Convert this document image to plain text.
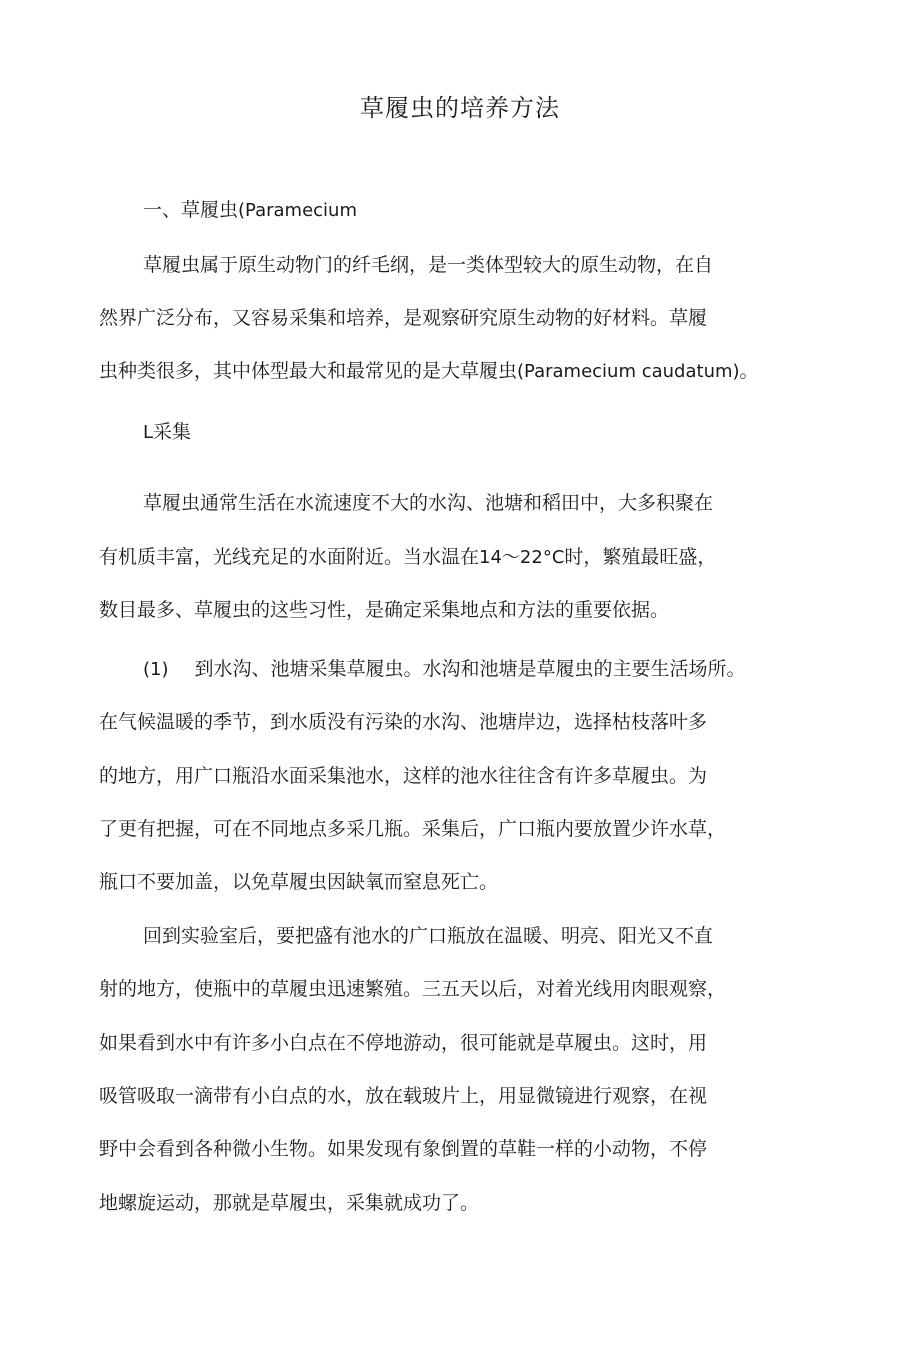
草履虫的培养方法
一、草履虫(Paramecium
草履虫属于原生动物门的纤毛纲，是一类体型较大的原生动物，在自
然界广泛分布，又容易采集和培养，是观察研究原生动物的好材料。草履
虫种类很多，其中体型最大和最常见的是大草履虫(Paramecium caudatum)。
L采集
草履虫通常生活在水流速度不大的水沟、池塘和稻田中，大多积聚在
有机质丰富，光线充足的水面附近。当水温在14〜22°C时，繁殖最旺盛，
数目最多、草履虫的这些习性，是确定采集地点和方法的重要依据。
(1) 到水沟、池塘采集草履虫。水沟和池塘是草履虫的主要生活场所。
在气候温暖的季节，到水质没有污染的水沟、池塘岸边，选择枯枝落叶多
的地方，用广口瓶沿水面采集池水，这样的池水往往含有许多草履虫。为
了更有把握，可在不同地点多采几瓶。采集后，广口瓶内要放置少许水草，
瓶口不要加盖，以免草履虫因缺氧而窒息死亡。
回到实验室后，要把盛有池水的广口瓶放在温暖、明亮、阳光又不直
射的地方，使瓶中的草履虫迅速繁殖。三五天以后，对着光线用肉眼观察，
如果看到水中有许多小白点在不停地游动，很可能就是草履虫。这时，用
吸管吸取一滴带有小白点的水，放在载玻片上，用显微镜进行观察，在视
野中会看到各种微小生物。如果发现有象倒置的草鞋一样的小动物，不停
地螺旋运动，那就是草履虫，采集就成功了。
